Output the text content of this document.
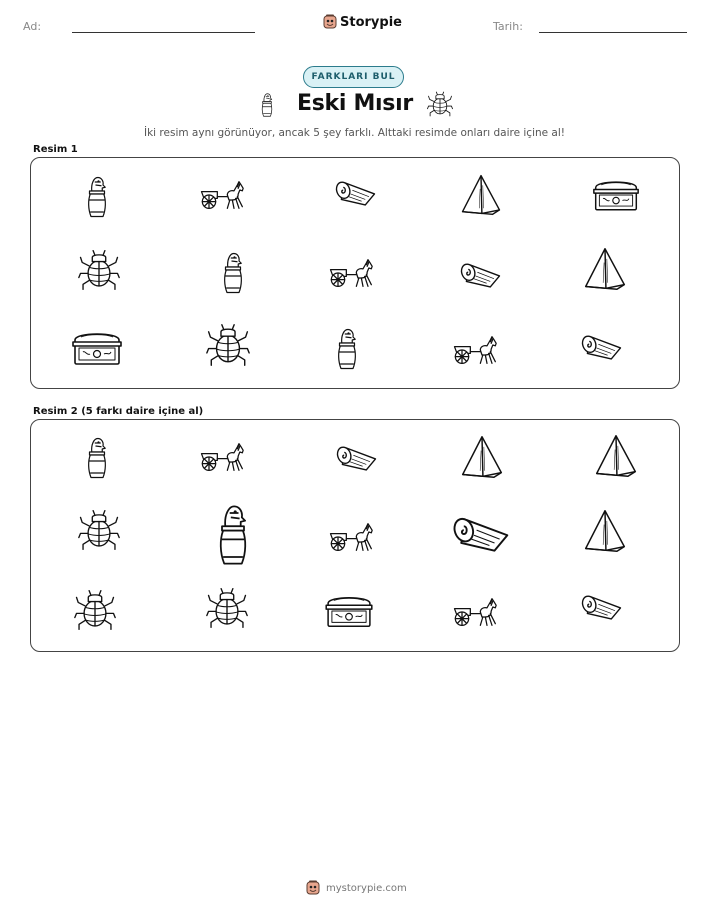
Ad:	Storypie	Tarih:
FARKLARI BUL
Eski Mısır
İki resim aynı görünüyor, ancak 5 şey farklı. Alttaki resimde onları daire içine al!
Resim 1
Resim 2 (5 farkı daire içine al)
mystorypie.com
